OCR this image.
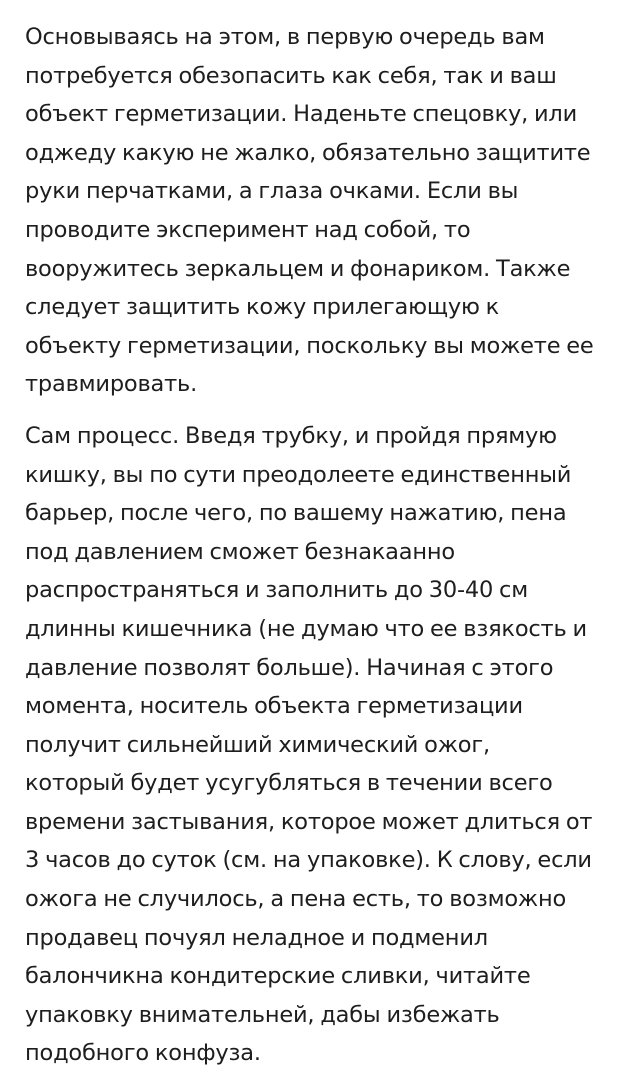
Основываясь на этом, в первую очередь вам
потребуется обезопасить как себя, так и ваш
объект герметизации. Наденьте спецовку, или
оджеду какую не жалко, обязательно защитите
руки перчатками, а глаза очками. Если вы
проводите эксперимент над собой, то
вооружитесь зеркальцем и фонариком. Также
следует защитить кожу прилегающую к
объекту герметизации, поскольку вы можете ее
травмировать.

Сам процесс. Введя трубку, и пройдя прямую
кишку, вы по сути преодолеете единственный
барьер, после чего, по вашему нажатию, пена
под давлением сможет безнакаанно
распространяться и заполнить до 30-40 см
длинны кишечника (не думаю что ее взякость и
давление позволят больше). Начиная с этого
момента, носитель объекта герметизации
получит сильнейший химический ожог,
который будет усугубляться в течении всего
времени застывания, которое может длиться от
3 часов до суток (см. на упаковке). К слову, если
ожога не случилось, а пена есть, то возможно
продавец почуял неладное и подменил
балончикна кондитерские сливки, читайте
упаковку внимательней, дабы избежать
подобного конфуза.
